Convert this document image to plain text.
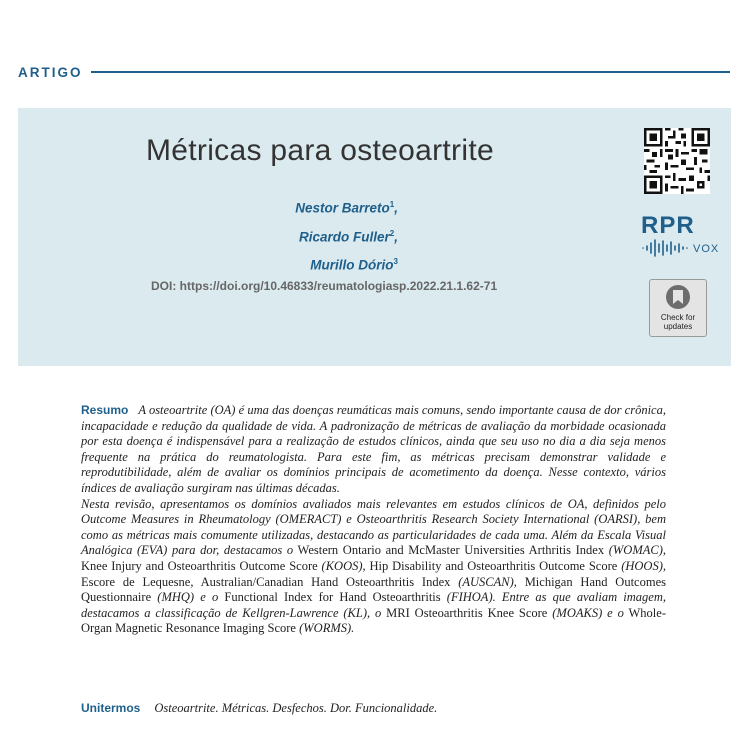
ARTIGO
Métricas para osteoartrite
Nestor Barreto$^1$,
Ricardo Fuller$^2$,
Murillo Dório$^3$
DOI: https://doi.org/10.46833/reumatologiasp.2022.21.1.62-71
RPR
VOX
Check for
updates

Resumo A osteoartrite (OA) é uma das doenças reumáticas mais comuns, sendo importante causa de dor crônica, incapacidade e redução da qualidade de vida. A padronização de métricas de avaliação da morbidade ocasionada por esta doença é indispensável para a realização de estudos clínicos, ainda que seu uso no dia a dia seja menos frequente na prática do reumatologista. Para este fim, as métricas precisam demonstrar validade e reprodutibilidade, além de avaliar os domínios principais de acometimento da doença. Nesse contexto, vários índices de avaliação surgiram nas últimas décadas.

Nesta revisão, apresentamos os domínios avaliados mais relevantes em estudos clínicos de OA, definidos pelo Outcome Measures in Rheumatology (OMERACT) e Osteoarthritis Research Society International (OARSI), bem como as métricas mais comumente utilizadas, destacando as particularidades de cada uma. Além da Escala Visual Analógica (EVA) para dor, destacamos o Western Ontario and McMaster Universities Arthritis Index (WOMAC), Knee Injury and Osteoarthritis Outcome Score (KOOS), Hip Disability and Osteoarthritis Outcome Score (HOOS), Escore de Lequesne, Australian/Canadian Hand Osteoarthritis Index (AUSCAN), Michigan Hand Outcomes Questionnaire (MHQ) e o Functional Index for Hand Osteoarthritis (FIHOA). Entre as que avaliam imagem, destacamos a classificação de Kellgren-Lawrence (KL), o MRI Osteoarthritis Knee Score (MOAKS) e o Whole-Organ Magnetic Resonance Imaging Score (WORMS).

Unitermos Osteoartrite. Métricas. Desfechos. Dor. Funcionalidade.
